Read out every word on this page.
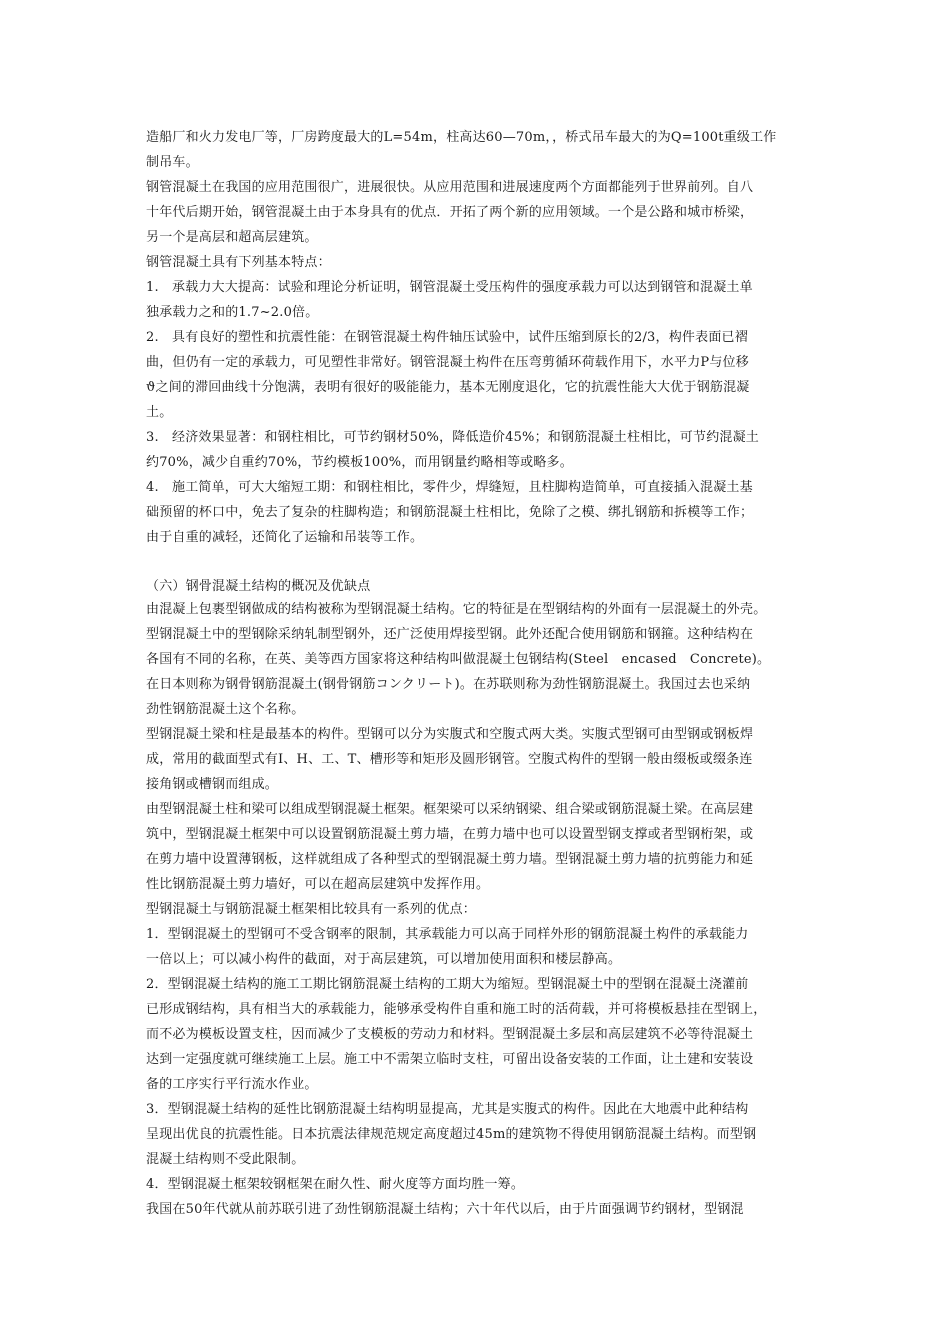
造船厂和火力发电厂等，厂房跨度最大的L=54m，柱高达60—70m，，桥式吊车最大的为Q=100t重级工作
制吊车。
钢管混凝土在我国的应用范围很广，进展很快。从应用范围和进展速度两个方面都能列于世界前列。自八
十年代后期开始，钢管混凝土由于本身具有的优点．开拓了两个新的应用领域。一个是公路和城市桥梁，
另一个是高层和超高层建筑。
钢管混凝土具有下列基本特点：
1.　承载力大大提高：试验和理论分析证明，钢管混凝土受压构件的强度承载力可以达到钢管和混凝土单
独承载力之和的1.7~2.0倍。
2.　具有良好的塑性和抗震性能：在钢管混凝土构件轴压试验中，试件压缩到原长的2/3，构件表面已褶
曲，但仍有一定的承载力，可见塑性非常好。钢管混凝土构件在压弯剪循环荷载作用下，水平力P与位移
ϑ之间的滞回曲线十分饱满，表明有很好的吸能能力，基本无刚度退化，它的抗震性能大大优于钢筋混凝
土。
3.　经济效果显著：和钢柱相比，可节约钢材50%，降低造价45%；和钢筋混凝土柱相比，可节约混凝土
约70%，减少自重约70%，节约模板100%，而用钢量约略相等或略多。
4.　施工简单，可大大缩短工期：和钢柱相比，零件少，焊缝短，且柱脚构造简单，可直接插入混凝土基
础预留的杯口中，免去了复杂的柱脚构造；和钢筋混凝土柱相比，免除了之模、绑扎钢筋和拆模等工作；
由于自重的减轻，还简化了运输和吊装等工作。
（六）钢骨混凝土结构的概况及优缺点
由混凝上包裹型钢做成的结构被称为型钢混凝土结构。它的特征是在型钢结构的外面有一层混凝土的外壳。
型钢混凝土中的型钢除采纳轧制型钢外，还广泛使用焊接型钢。此外还配合使用钢筋和钢箍。这种结构在
各国有不同的名称，在英、美等西方国家将这种结构叫做混凝土包钢结构(Steel　encased　Concrete)。
在日本则称为钢骨钢筋混凝土(钢骨钢筋コンクリート)。在苏联则称为劲性钢筋混凝土。我国过去也采纳
劲性钢筋混凝土这个名称。
型钢混凝土梁和柱是最基本的构件。型钢可以分为实腹式和空腹式两大类。实腹式型钢可由型钢或钢板焊
成，常用的截面型式有I、H、工、T、槽形等和矩形及圆形钢管。空腹式构件的型钢一般由缀板或缀条连
接角钢或槽钢而组成。
由型钢混凝土柱和梁可以组成型钢混凝土框架。框架梁可以采纳钢梁、组合梁或钢筋混凝土梁。在高层建
筑中，型钢混凝土框架中可以设置钢筋混凝土剪力墙，在剪力墙中也可以设置型钢支撑或者型钢桁架，或
在剪力墙中设置薄钢板，这样就组成了各种型式的型钢混凝土剪力墙。型钢混凝土剪力墙的抗剪能力和延
性比钢筋混凝土剪力墙好，可以在超高层建筑中发挥作用。
型钢混凝土与钢筋混凝土框架相比较具有一系列的优点：
1．型钢混凝土的型钢可不受含钢率的限制，其承载能力可以高于同样外形的钢筋混凝土构件的承载能力
一倍以上；可以减小构件的截面，对于高层建筑，可以增加使用面积和楼层静高。
2．型钢混凝土结构的施工工期比钢筋混凝土结构的工期大为缩短。型钢混凝土中的型钢在混凝土浇灌前
已形成钢结构，具有相当大的承载能力，能够承受构件自重和施工时的活荷载，并可将模板悬挂在型钢上，
而不必为模板设置支柱，因而减少了支模板的劳动力和材料。型钢混凝土多层和高层建筑不必等待混凝土
达到一定强度就可继续施工上层。施工中不需架立临时支柱，可留出设备安装的工作面，让土建和安装设
备的工序实行平行流水作业。
3．型钢混凝土结构的延性比钢筋混凝土结构明显提高，尤其是实腹式的构件。因此在大地震中此种结构
呈现出优良的抗震性能。日本抗震法律规范规定高度超过45m的建筑物不得使用钢筋混凝土结构。而型钢
混凝土结构则不受此限制。
4．型钢混凝土框架较钢框架在耐久性、耐火度等方面均胜一筹。
我国在50年代就从前苏联引进了劲性钢筋混凝土结构；六十年代以后，由于片面强调节约钢材，型钢混
